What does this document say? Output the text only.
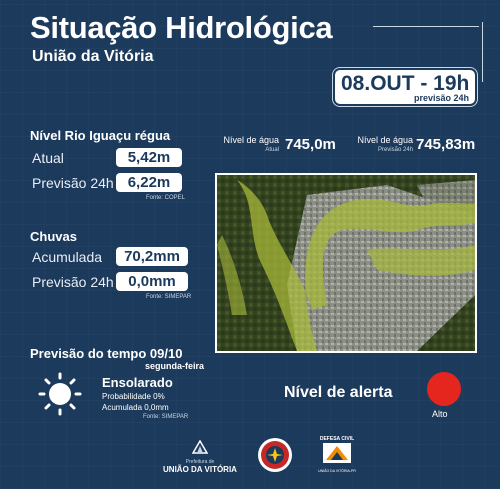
Situação Hidrológica
União da Vitória
08.OUT - 19h
previsão 24h
Nível Rio Iguaçu régua
Atual	5,42m
Previsão 24h 6,22m
Fonte: COPEL
Nível de água
Atual 745,0m	Nível de água
Previsão 24h 745,83m
Chuvas
Acumulada	70,2mm
Previsão 24h 0,0mm
Fonte: SIMEPAR
Previsão do tempo 09/10
segunda-feira
Ensolarado
Probabilidade 0%
Acumulada 0,0mm
Fonte: SIMEPAR
Nível de alerta
Alto
Prefeitura de
UNIÃO DA VITÓRIA
DEFESA CIVIL
UNIÃO DA VITÓRIA-PR
